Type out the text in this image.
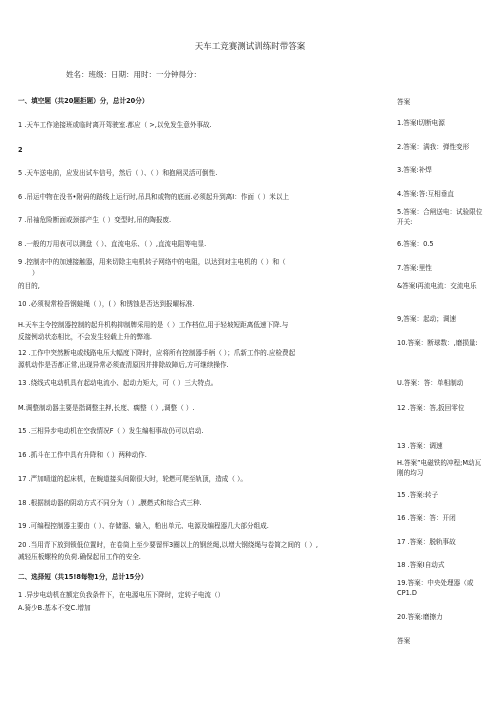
天车工竞赛测试训练时带答案
姓名：班级：日期：用时：一分钟得分：
一、填空题（共20题拒题）分，总计20分）
1 .天车工作途接班或临时离开驾驶室.都应（ >,以免发生意外事故.
2
5 .天车送电前，应发出试车信号，然后（ ）、（ ）和抱闸灵活可倒性.
6 .吊运中物在没书•附码的路线上运行时,吊具和或物的底面.必须起升到离I：作面（ ）米以上
7 .吊袖危险断面或颈部产生（ ）变型时,吊的陶报废.
8 .一般的万用表可以测盘（ ）、直流电乐、（ ）,直流电阻等电显.
9 .控制亦中的加速接触器，用来切除主电机转子网络中的电阻，以达到对主电机的（ ）和（
）
的目的,
10 .必须视常检吾钢蛙绳（ ），( ）和锈蚀是否达到报曜标准.
H.天车主令控制器控制的起升机构抑制牌采用的是（ ）工作档位,用于轻坡短距离低速下降.与
反接例动状态相比，不会发生轻载上升的弊端.
12 .工作中突然断电或线路电压大幅度下降时，应将所有控制器手柄（ ）；爪新工作的.应检费起
源机动作是否都正常,出现异常必须查清原因并排除故障后,方可继续操作.
13 .绕线式电动机具有起动电流小、起动力矩大，可（ ）三大特点。
M.调整制动器主要是指调整主押,长度、瘸整（ ）,调整（ ）.
15 .三相异步电动机在空我情况F（ ）发生编相事故仍可以启动.
16 .抓斗在工作中具有升降和（ ）两种动作.
17 .严加晴道的起床机，在蜿道接头间隙很大时，轮燃可爬至轨顶，造成（ ）。
18 .根据制动器的阴动方式不同分为（ ）,膜燃式和综合式三种.
19 .可编程控制器主要由（ ）、存储器、输入，粕出单元、电源及编程器几大部分组成.
20 .当用青下放到锁低位置时，在卷筒上至少要留怦3圈以上的钢丝绳,以增大钢绕绳与卷简之间的（ ）,
减轻压板螺栓的负荷.确保起吊工作的安全.
二、选择短（共15!8每物1分，总计15分）
1 .异步电动机在额定负我条件下，在电源电压下降时，定转子电流（）
A.猗少B.基本不变C.增加
答案
1.答案I切断电源
2.答案：满我：弹性变形
3.答案:补焊
4.答案:答:互相垂直
5.答案：合闸送电：试验限位开关:
6.答案：0.5
7.答案:里性
&答案I再流电流：交流电乐
9,答案：起动；调速
10.答案：断球数：,磨损量:
U.答案：答：单相制动
12 .答案：答,扳回零位
13 .答案：调速
H.答案”电磁铁的冲程;M动瓦刚的均习
15 .答案:转子
16 .答案：答：开闭
17 .答案：脱轨事故
18 .答案I自动式
19.答案：中央处理器（或CP1.D
20.答案:磨擦力
答案
